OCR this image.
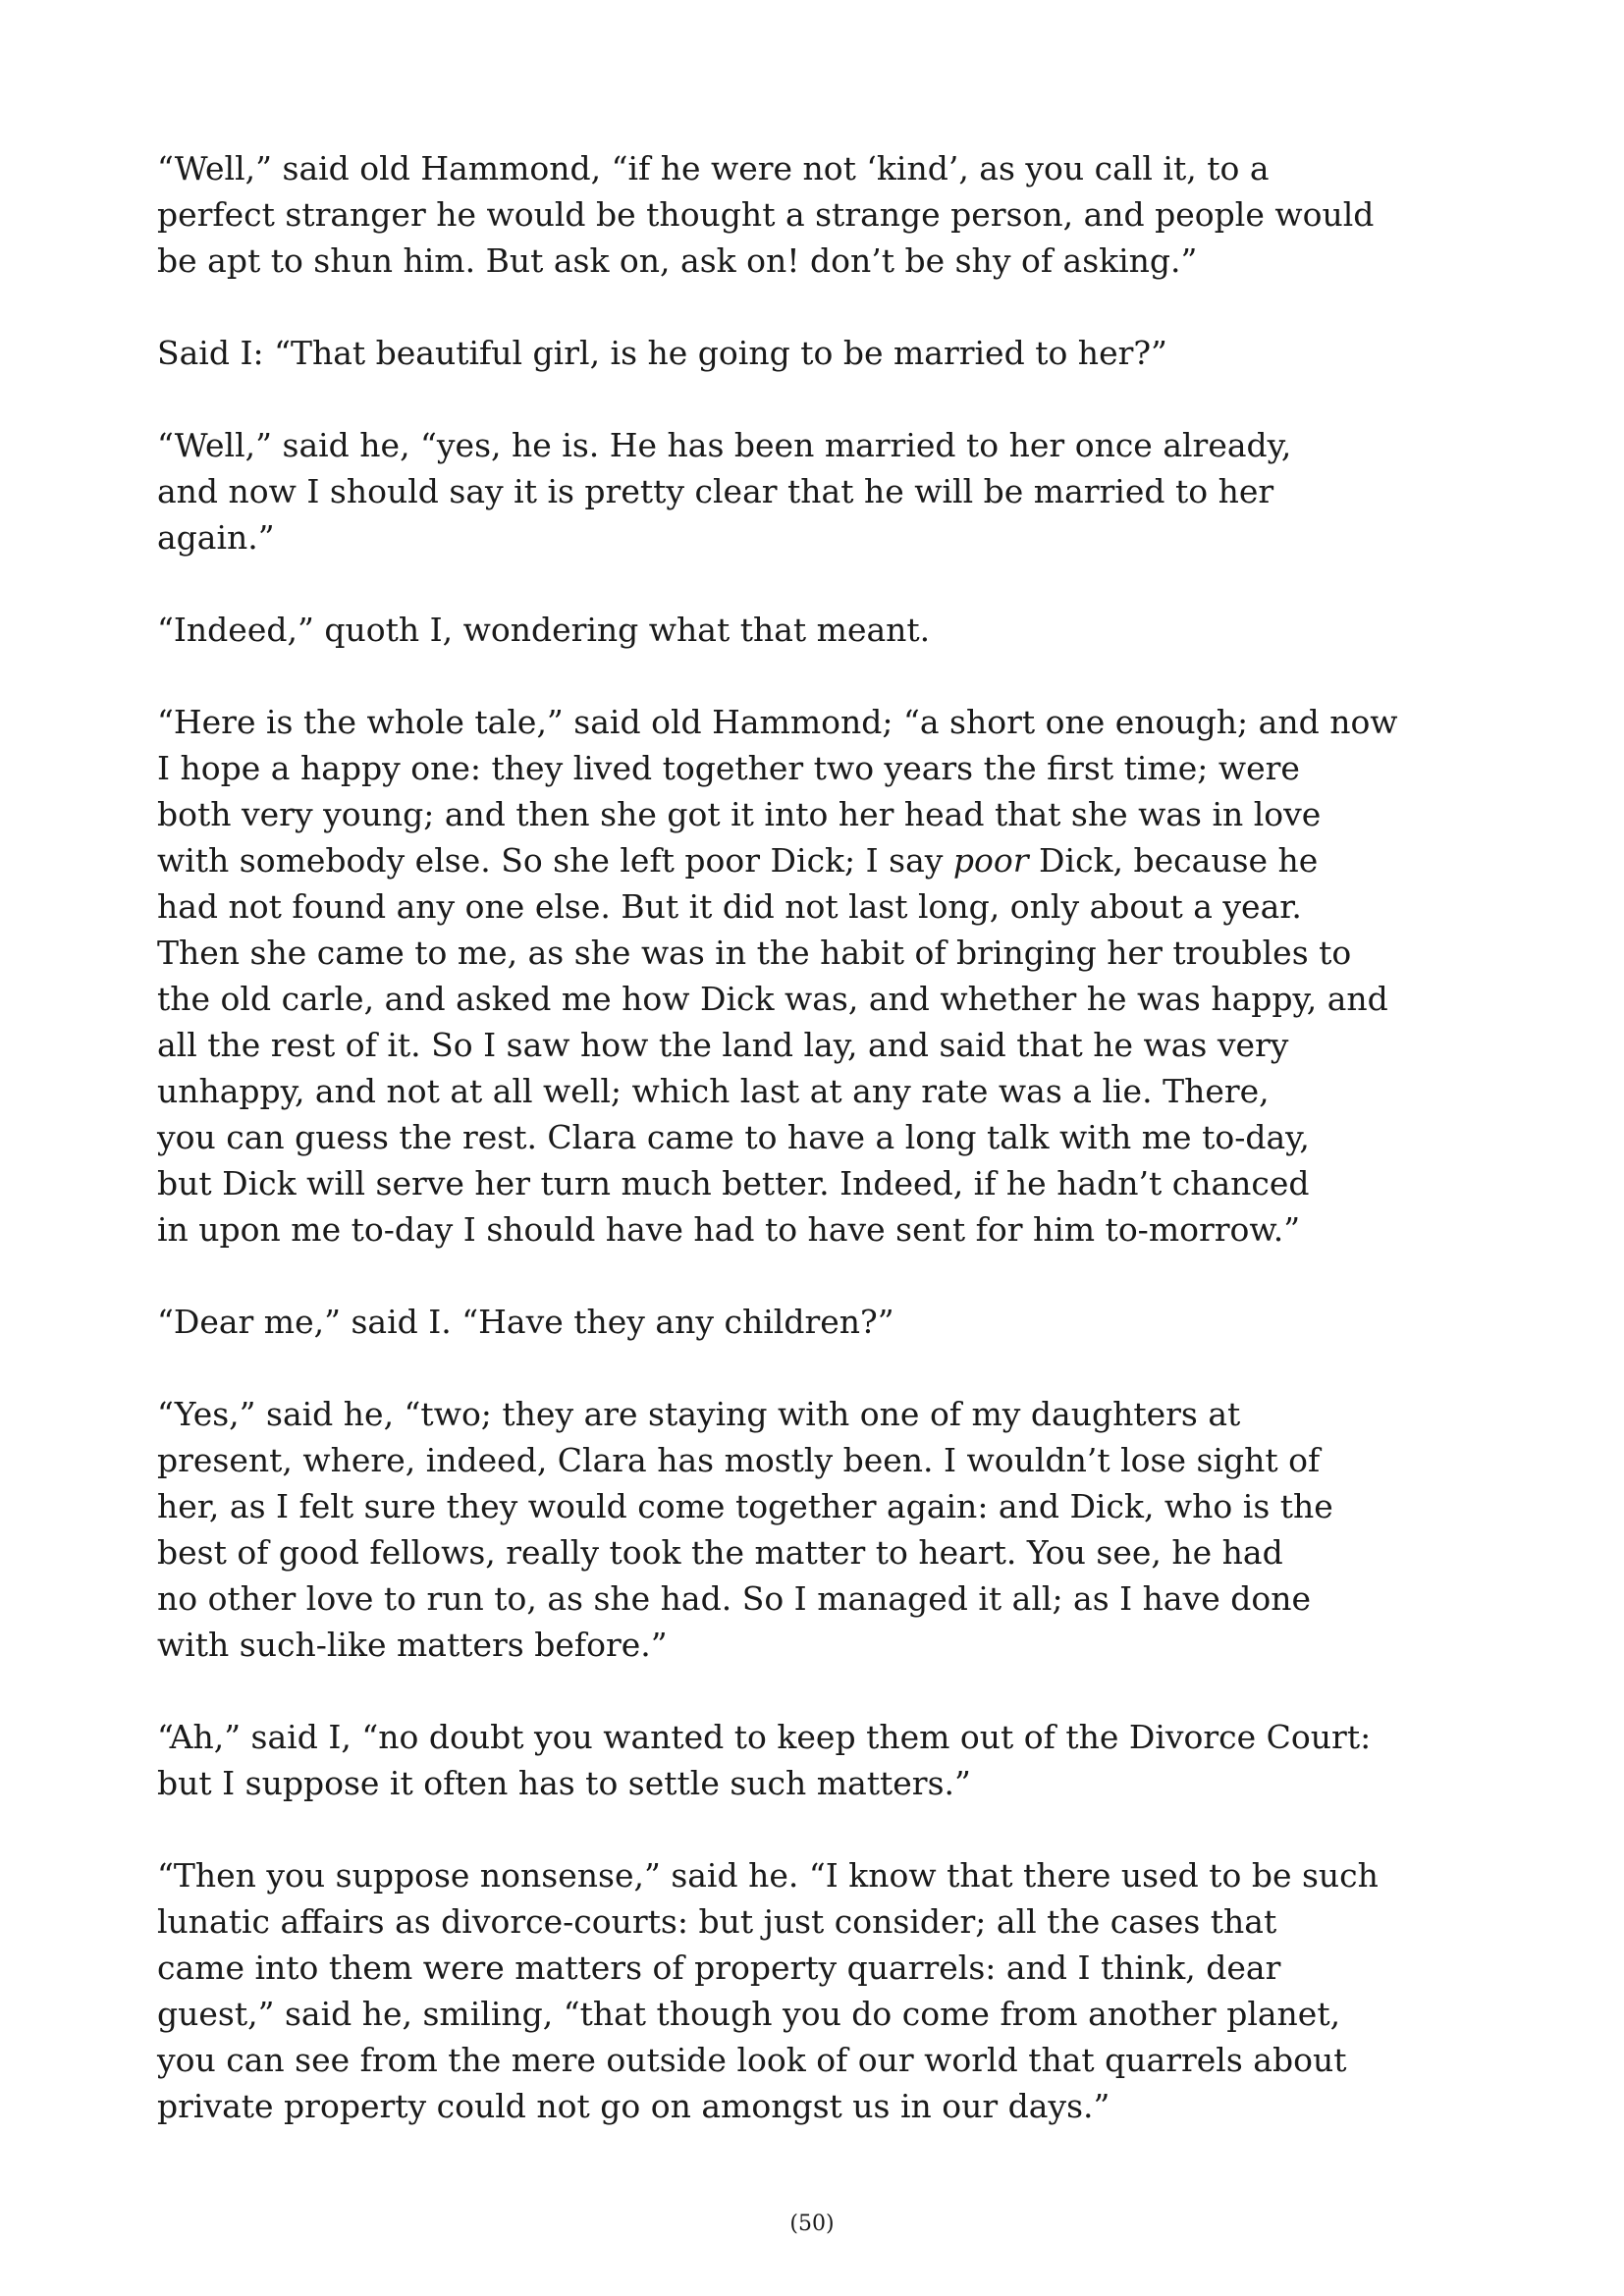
“Well,” said old Hammond, “if he were not ‘kind’, as you call it, to a
perfect stranger he would be thought a strange person, and people would
be apt to shun him. But ask on, ask on! don’t be shy of asking.”

Said I: “That beautiful girl, is he going to be married to her?”

“Well,” said he, “yes, he is. He has been married to her once already,
and now I should say it is pretty clear that he will be married to her
again.”

“Indeed,” quoth I, wondering what that meant.

“Here is the whole tale,” said old Hammond; “a short one enough; and now
I hope a happy one: they lived together two years the first time; were
both very young; and then she got it into her head that she was in love
with somebody else. So she left poor Dick; I say poor Dick, because he
had not found any one else. But it did not last long, only about a year.
Then she came to me, as she was in the habit of bringing her troubles to
the old carle, and asked me how Dick was, and whether he was happy, and
all the rest of it. So I saw how the land lay, and said that he was very
unhappy, and not at all well; which last at any rate was a lie. There,
you can guess the rest. Clara came to have a long talk with me to-day,
but Dick will serve her turn much better. Indeed, if he hadn’t chanced
in upon me to-day I should have had to have sent for him to-morrow.”

“Dear me,” said I. “Have they any children?”

“Yes,” said he, “two; they are staying with one of my daughters at
present, where, indeed, Clara has mostly been. I wouldn’t lose sight of
her, as I felt sure they would come together again: and Dick, who is the
best of good fellows, really took the matter to heart. You see, he had
no other love to run to, as she had. So I managed it all; as I have done
with such-like matters before.”

“Ah,” said I, “no doubt you wanted to keep them out of the Divorce Court:
but I suppose it often has to settle such matters.”

“Then you suppose nonsense,” said he. “I know that there used to be such
lunatic affairs as divorce-courts: but just consider; all the cases that
came into them were matters of property quarrels: and I think, dear
guest,” said he, smiling, “that though you do come from another planet,
you can see from the mere outside look of our world that quarrels about
private property could not go on amongst us in our days.”

(50)
